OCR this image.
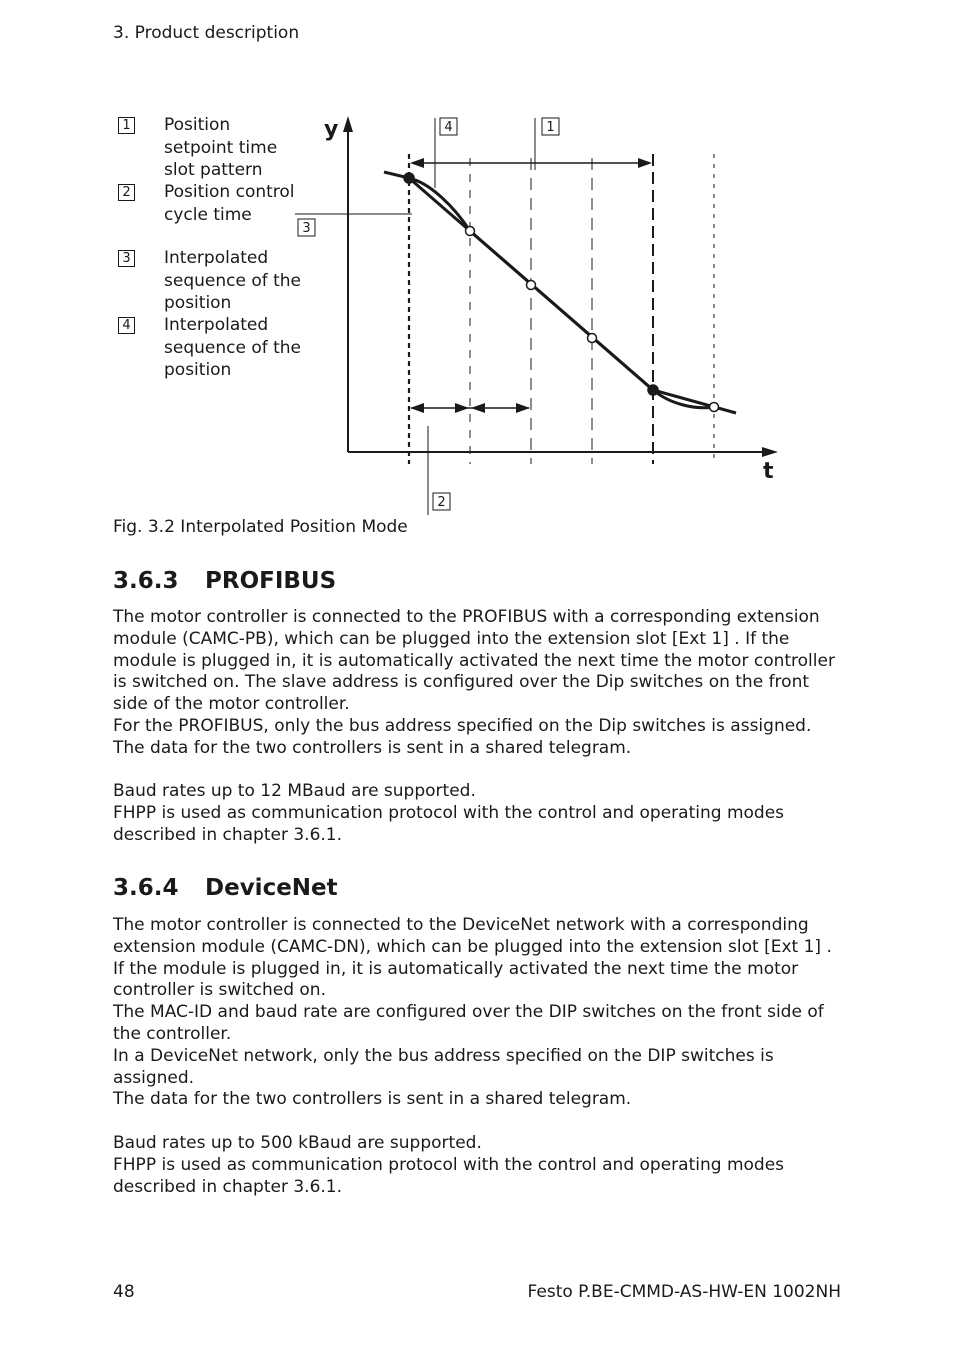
3. Product description
1 Position setpoint time slot pattern
2 Position control cycle time
3 Interpolated sequence of the position
4 Interpolated sequence of the position
y
t
4	1
3
2
Fig. 3.2 Interpolated Position Mode
3.6.3 PROFIBUS

The motor controller is connected to the PROFIBUS with a corresponding extension module (CAMC-PB), which can be plugged into the extension slot [Ext 1] . If the module is plugged in, it is automatically activated the next time the motor controller is switched on. The slave address is configured over the Dip switches on the front side of the motor controller.

For the PROFIBUS, only the bus address specified on the Dip switches is assigned.

The data for the two controllers is sent in a shared telegram.

Baud rates up to 12 MBaud are supported.

FHPP is used as communication protocol with the control and operating modes described in chapter 3.6.1.

3.6.4 DeviceNet

The motor controller is connected to the DeviceNet network with a corresponding extension module (CAMC-DN), which can be plugged into the extension slot [Ext 1] . If the module is plugged in, it is automatically activated the next time the motor controller is switched on.

The MAC-ID and baud rate are configured over the DIP switches on the front side of the controller.

In a DeviceNet network, only the bus address specified on the DIP switches is assigned.

The data for the two controllers is sent in a shared telegram.

Baud rates up to 500 kBaud are supported.

FHPP is used as communication protocol with the control and operating modes described in chapter 3.6.1.

48	Festo P.BE-CMMD-AS-HW-EN 1002NH
